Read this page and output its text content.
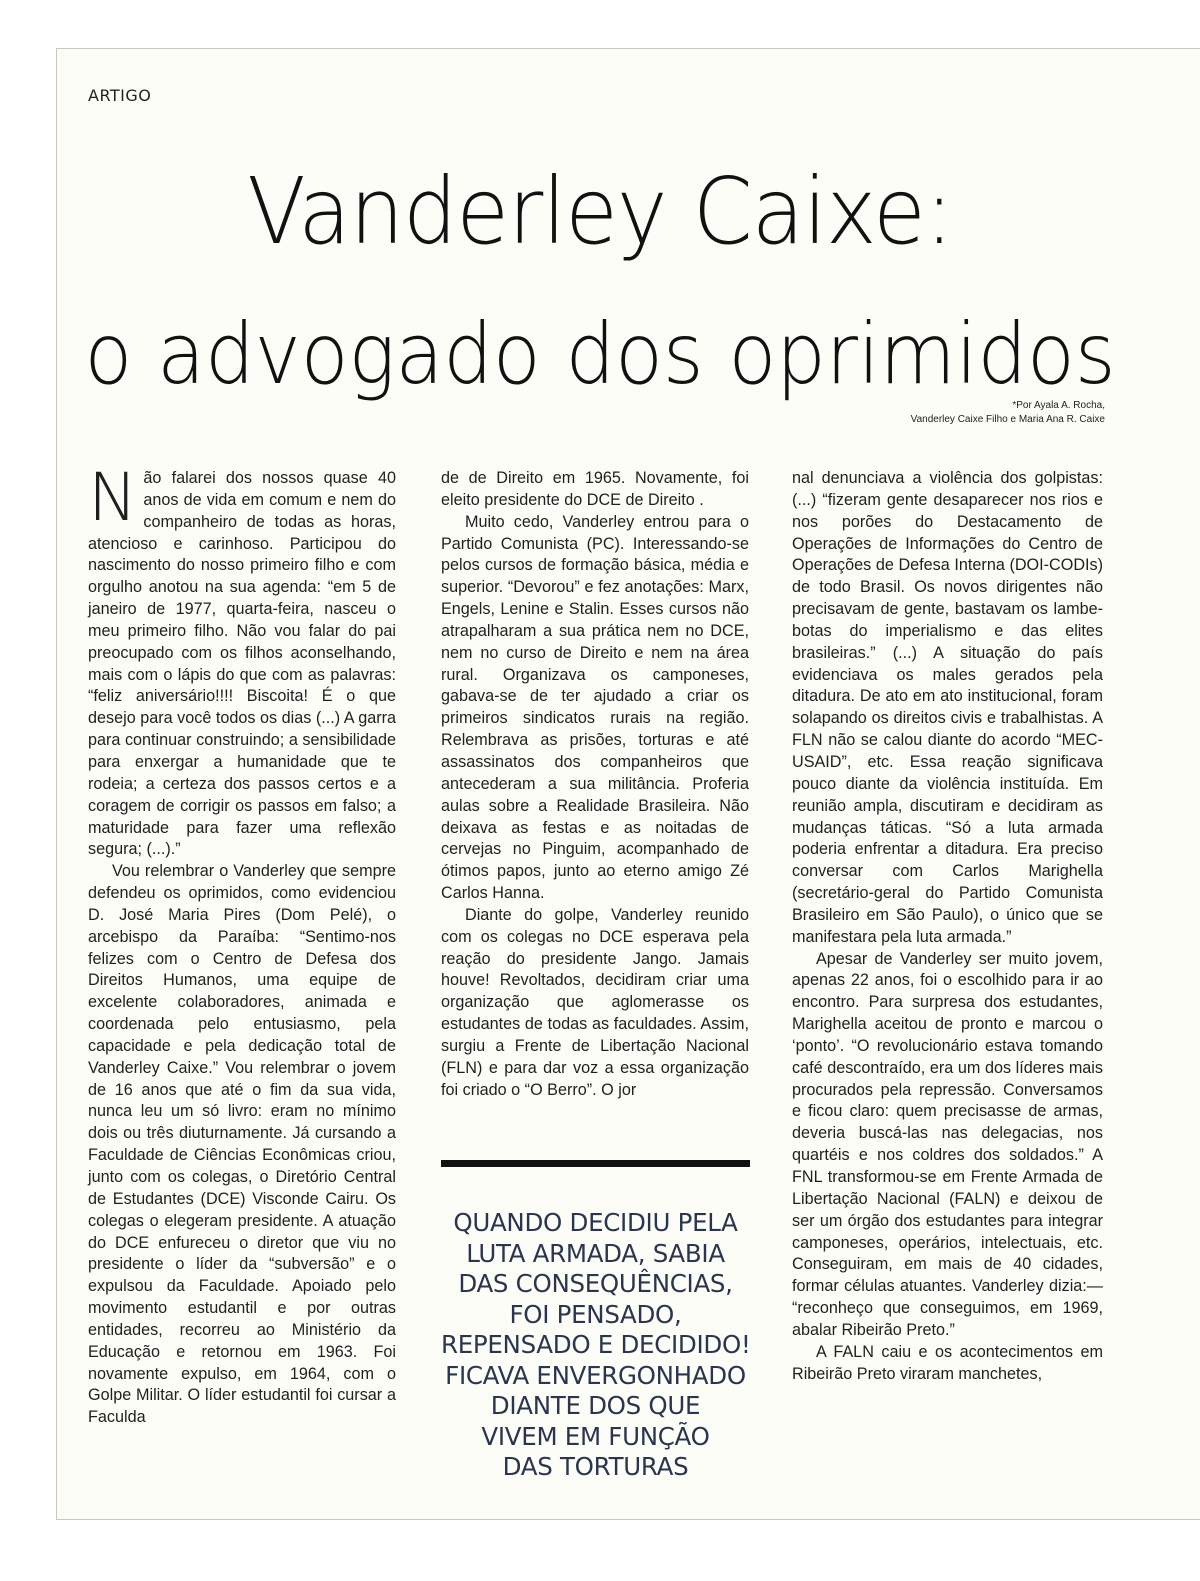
ARTIGO
Vanderley Caixe:
o advogado dos oprimidos
*Por Ayala A. Rocha,
Vanderley Caixe Filho e Maria Ana R. Caixe

Não falarei dos nossos quase 40 anos de vida em comum e nem do companheiro de todas as horas, atencioso e carinhoso. Participou do nascimento do nosso primeiro filho e com orgulho anotou na sua agenda: “em 5 de janeiro de 1977, quarta-feira, nasceu o meu primeiro filho. Não vou falar do pai preocupado com os filhos aconselhando, mais com o lápis do que com as palavras: “feliz aniversário!!!! Biscoita! É o que desejo para você todos os dias (...) A garra para continuar construindo; a sensibilidade para enxergar a humanidade que te rodeia; a certeza dos passos certos e a coragem de corrigir os passos em falso; a maturidade para fazer uma reflexão segura; (...).”

Vou relembrar o Vanderley que sempre defendeu os oprimidos, como evidenciou D. José Maria Pires (Dom Pelé), o arcebispo da Paraíba: “Sentimo-nos felizes com o Centro de Defesa dos Direitos Humanos, uma equipe de excelente colaboradores, animada e coordenada pelo entusiasmo, pela capacidade e pela dedicação total de Vanderley Caixe.” Vou relembrar o jovem de 16 anos que até o fim da sua vida, nunca leu um só livro: eram no mínimo dois ou três diuturnamente. Já cursando a Faculdade de Ciências Econômicas criou, junto com os colegas, o Diretório Central de Estudantes (DCE) Visconde Cairu. Os colegas o elegeram presidente. A atuação do DCE enfureceu o diretor que viu no presidente o líder da “subversão” e o expulsou da Faculdade. Apoiado pelo movimento estudantil e por outras entidades, recorreu ao Ministério da Educação e retornou em 1963. Foi novamente expulso, em 1964, com o Golpe Militar. O líder estudantil foi cursar a Faculda

de de Direito em 1965. Novamente, foi eleito presidente do DCE de Direito .

Muito cedo, Vanderley entrou para o Partido Comunista (PC). Interessando-se pelos cursos de formação básica, média e superior. “Devorou” e fez anotações: Marx, Engels, Lenine e Stalin. Esses cursos não atrapalharam a sua prática nem no DCE, nem no curso de Direito e nem na área rural. Organizava os camponeses, gabava-se de ter ajudado a criar os primeiros sindicatos rurais na região. Relembrava as prisões, torturas e até assassinatos dos companheiros que antecederam a sua militância. Proferia aulas sobre a Realidade Brasileira. Não deixava as festas e as noitadas de cervejas no Pinguim, acompanhado de ótimos papos, junto ao eterno amigo Zé Carlos Hanna.

Diante do golpe, Vanderley reunido com os colegas no DCE esperava pela reação do presidente Jango. Jamais houve! Revoltados, decidiram criar uma organização que aglomerasse os estudantes de todas as faculdades. Assim, surgiu a Frente de Libertação Nacional (FLN) e para dar voz a essa organização foi criado o “O Berro”. O jor

QUANDO DECIDIU PELA
LUTA ARMADA, SABIA
DAS CONSEQUÊNCIAS,
FOI PENSADO,
REPENSADO E DECIDIDO!
FICAVA ENVERGONHADO
DIANTE DOS QUE
VIVEM EM FUNÇÃO
DAS TORTURAS

nal denunciava a violência dos golpistas: (...) “fizeram gente desaparecer nos rios e nos porões do Destacamento de Operações de Informações do Centro de Operações de Defesa Interna (DOI-CODIs) de todo Brasil. Os novos dirigentes não precisavam de gente, bastavam os lambe-botas do imperialismo e das elites brasileiras.” (...) A situação do país evidenciava os males gerados pela ditadura. De ato em ato institucional, foram solapando os direitos civis e trabalhistas. A FLN não se calou diante do acordo “MEC-USAID”, etc. Essa reação significava pouco diante da violência instituída. Em reunião ampla, discutiram e decidiram as mudanças táticas. “Só a luta armada poderia enfrentar a ditadura. Era preciso conversar com Carlos Marighella (secretário-geral do Partido Comunista Brasileiro em São Paulo), o único que se manifestara pela luta armada.”

Apesar de Vanderley ser muito jovem, apenas 22 anos, foi o escolhido para ir ao encontro. Para surpresa dos estudantes, Marighella aceitou de pronto e marcou o ‘ponto’. “O revolucionário estava tomando café descontraído, era um dos líderes mais procurados pela repressão. Conversamos e ficou claro: quem precisasse de armas, deveria buscá-las nas delegacias, nos quartéis e nos coldres dos soldados.” A FNL transformou-se em Frente Armada de Libertação Nacional (FALN) e deixou de ser um órgão dos estudantes para integrar camponeses, operários, intelectuais, etc. Conseguiram, em mais de 40 cidades, formar células atuantes. Vanderley dizia:— “reconheço que conseguimos, em 1969, abalar Ribeirão Preto.”

A FALN caiu e os acontecimentos em Ribeirão Preto viraram manchetes,
